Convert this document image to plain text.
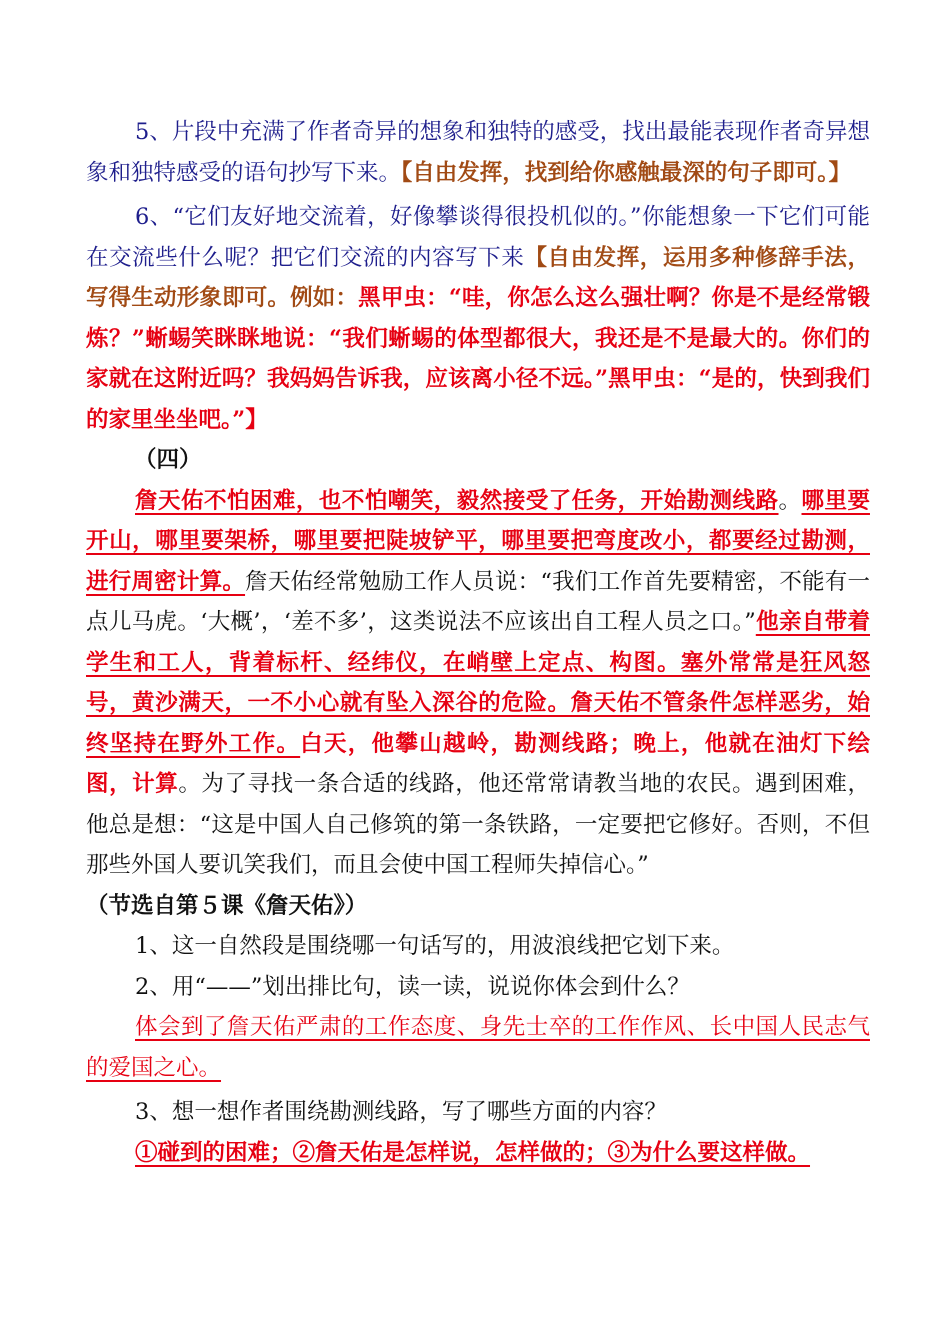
5、片段中充满了作者奇异的想象和独特的感受，找出最能表现作者奇异想象和独特感受的语句抄写下来。【自由发挥，找到给你感触最深的句子即可。】

6、“它们友好地交流着，好像攀谈得很投机似的。”你能想象一下它们可能在交流些什么呢？把它们交流的内容写下来【自由发挥，运用多种修辞手法，写得生动形象即可。例如：黑甲虫：“哇，你怎么这么强壮啊？你是不是经常锻炼？”蜥蜴笑眯眯地说：“我们蜥蜴的体型都很大，我还是不是最大的。你们的家就在这附近吗？我妈妈告诉我，应该离小径不远。”黑甲虫：“是的，快到我们的家里坐坐吧。”】

（四）

詹天佑不怕困难，也不怕嘲笑，毅然接受了任务，开始勘测线路。哪里要开山，哪里要架桥，哪里要把陡坡铲平，哪里要把弯度改小，都要经过勘测，进行周密计算。詹天佑经常勉励工作人员说：“我们工作首先要精密，不能有一点儿马虎。‘大概’，‘差不多’，这类说法不应该出自工程人员之口。”他亲自带着学生和工人，背着标杆、经纬仪，在峭壁上定点、构图。塞外常常是狂风怒号，黄沙满天，一不小心就有坠入深谷的危险。詹天佑不管条件怎样恶劣，始终坚持在野外工作。白天，他攀山越岭，勘测线路；晚上，他就在油灯下绘图，计算。为了寻找一条合适的线路，他还常常请教当地的农民。遇到困难，他总是想：“这是中国人自己修筑的第一条铁路，一定要把它修好。否则，不但那些外国人要讥笑我们，而且会使中国工程师失掉信心。”

（节选自第５课《詹天佑》）

1、这一自然段是围绕哪一句话写的，用波浪线把它划下来。

2、用“——”划出排比句，读一读，说说你体会到什么？

体会到了詹天佑严肃的工作态度、身先士卒的工作作风、长中国人民志气的爱国之心。

3、想一想作者围绕勘测线路，写了哪些方面的内容？

①碰到的困难；②詹天佑是怎样说，怎样做的；③为什么要这样做。
